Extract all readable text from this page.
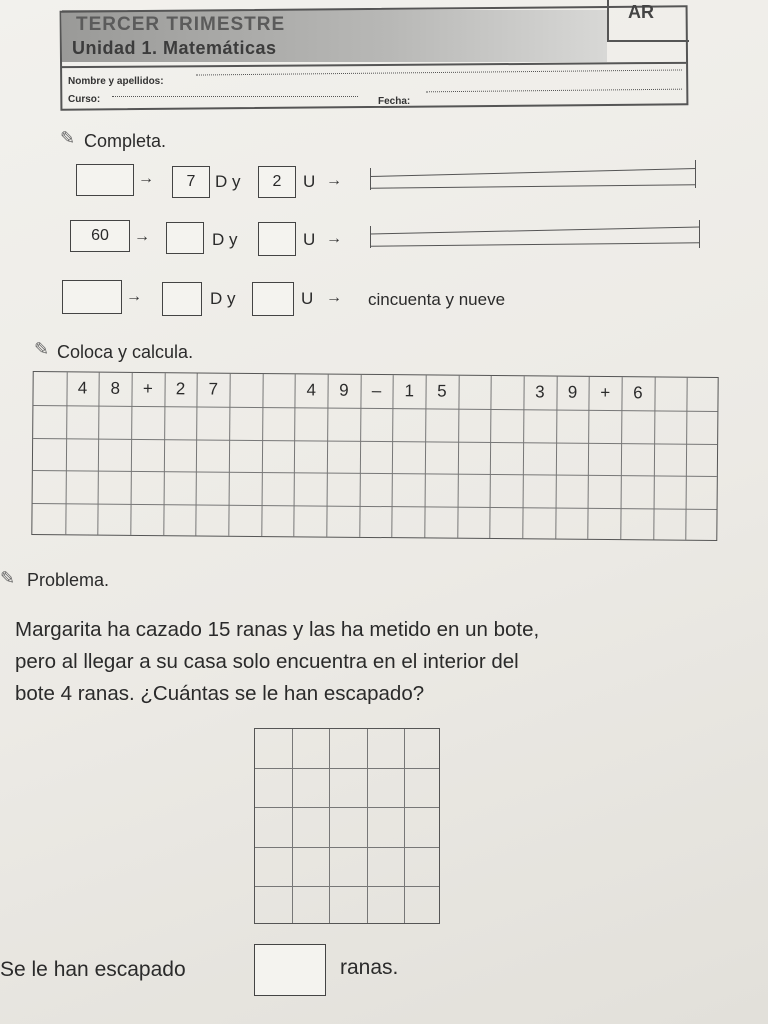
AR
TERCER TRIMESTRE
Unidad 1. Matemáticas
Nombre y apellidos:
Curso:	Fecha:
✎ Completa.
→	7	D y	2	U →
60	→	D y	U →
→	D y	U → cincuenta y nueve
✎ Coloca y calcula.
4	8	+	2	7	4	9	–	1	5	3	9	+	6
✎ Problema.
Margarita ha cazado 15 ranas y las ha metido en un bote,
pero al llegar a su casa solo encuentra en el interior del
bote 4 ranas. ¿Cuántas se le han escapado?
Se le han escapado	ranas.
